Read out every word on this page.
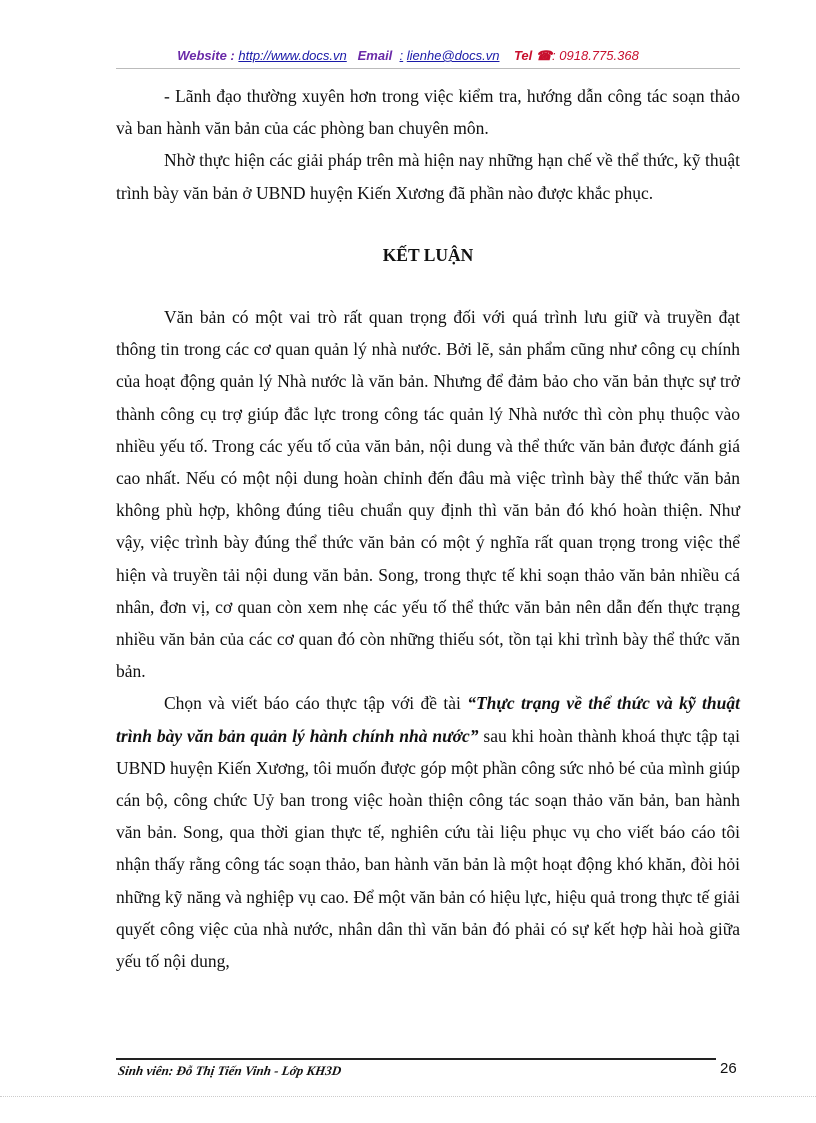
Website : http://www.docs.vn Email : lienhe@docs.vn Tel ☎: 0918.775.368

- Lãnh đạo thường xuyên hơn trong việc kiểm tra, hướng dẫn công tác soạn thảo và ban hành văn bản của các phòng ban chuyên môn.

Nhờ thực hiện các giải pháp trên mà hiện nay những hạn chế về thể thức, kỹ thuật trình bày văn bản ở UBND huyện Kiến Xương đã phần nào được khắc phục.

KẾT LUẬN

Văn bản có một vai trò rất quan trọng đối với quá trình lưu giữ và truyền đạt thông tin trong các cơ quan quản lý nhà nước. Bởi lẽ, sản phẩm cũng như công cụ chính của hoạt động quản lý Nhà nước là văn bản. Nhưng để đảm bảo cho văn bản thực sự trở thành công cụ trợ giúp đắc lực trong công tác quản lý Nhà nước thì còn phụ thuộc vào nhiều yếu tố. Trong các yếu tố của văn bản, nội dung và thể thức văn bản được đánh giá cao nhất. Nếu có một nội dung hoàn chỉnh đến đâu mà việc trình bày thể thức văn bản không phù hợp, không đúng tiêu chuẩn quy định thì văn bản đó khó hoàn thiện. Như vậy, việc trình bày đúng thể thức văn bản có một ý nghĩa rất quan trọng trong việc thể hiện và truyền tải nội dung văn bản. Song, trong thực tế khi soạn thảo văn bản nhiều cá nhân, đơn vị, cơ quan còn xem nhẹ các yếu tố thể thức văn bản nên dẫn đến thực trạng nhiều văn bản của các cơ quan đó còn những thiếu sót, tồn tại khi trình bày thể thức văn bản.

Chọn và viết báo cáo thực tập với đề tài “Thực trạng về thể thức và kỹ thuật trình bày văn bản quản lý hành chính nhà nước” sau khi hoàn thành khoá thực tập tại UBND huyện Kiến Xương, tôi muốn được góp một phần công sức nhỏ bé của mình giúp cán bộ, công chức Uỷ ban trong việc hoàn thiện công tác soạn thảo văn bản, ban hành văn bản. Song, qua thời gian thực tế, nghiên cứu tài liệu phục vụ cho viết báo cáo tôi nhận thấy rằng công tác soạn thảo, ban hành văn bản là một hoạt động khó khăn, đòi hỏi những kỹ năng và nghiệp vụ cao. Để một văn bản có hiệu lực, hiệu quả trong thực tế giải quyết công việc của nhà nước, nhân dân thì văn bản đó phải có sự kết hợp hài hoà giữa yếu tố nội dung,

Sinh viên: Đỗ Thị Tiến Vinh - Lớp KH3D	26
